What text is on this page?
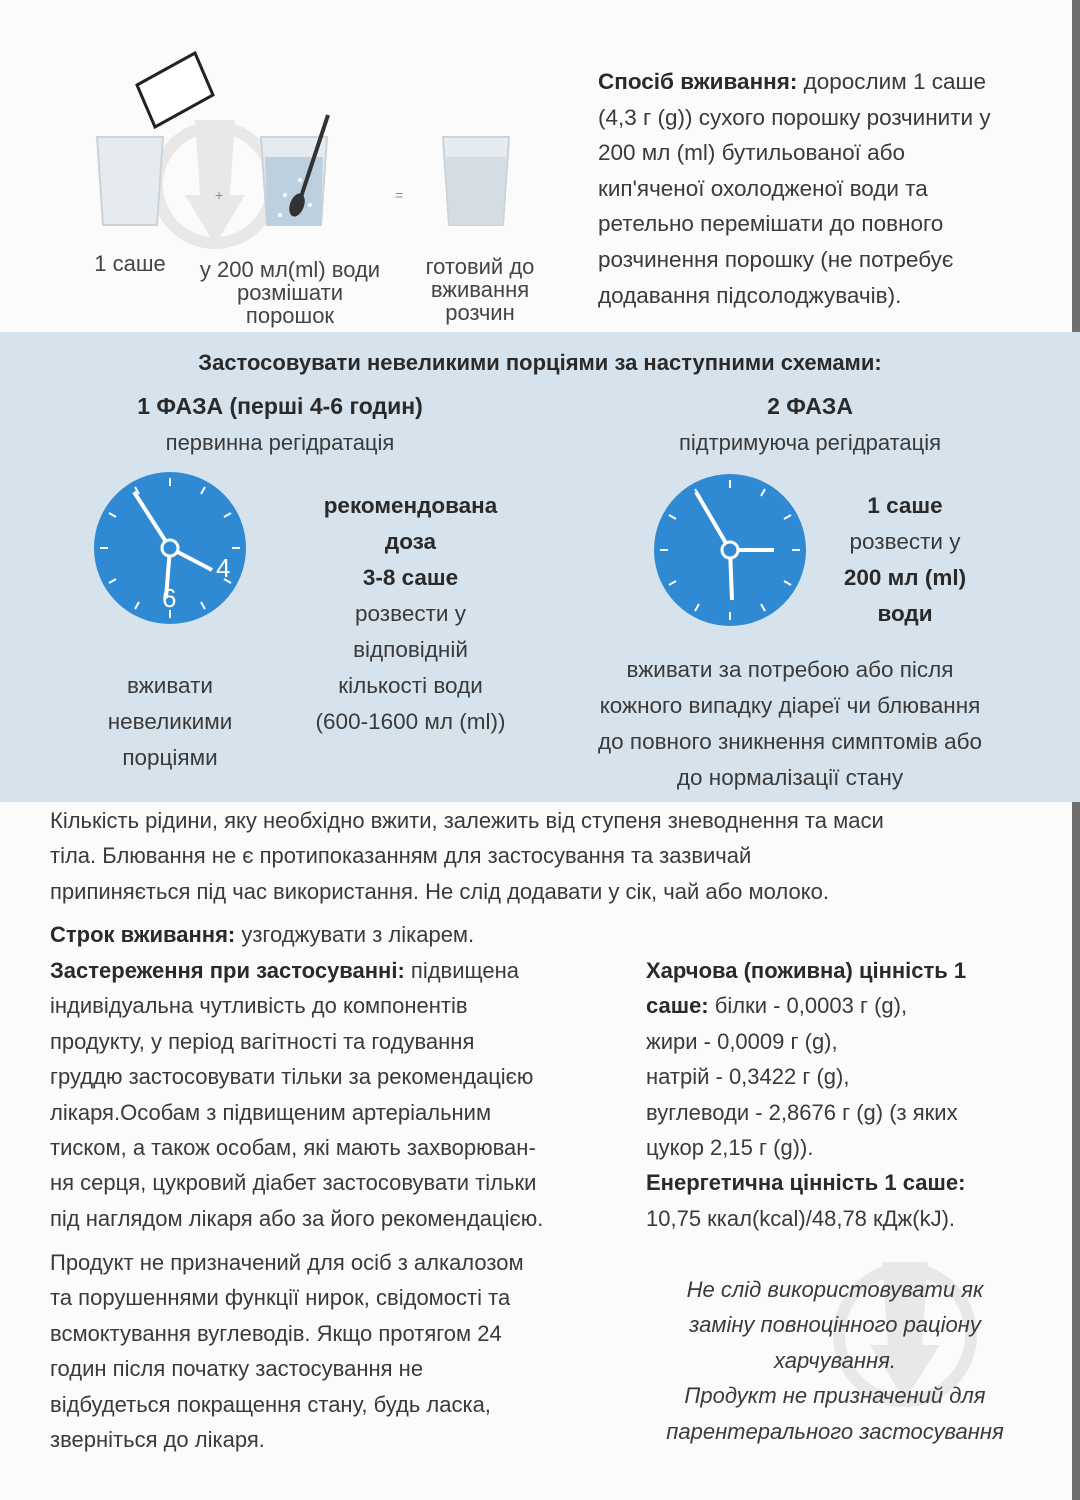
+	=
1 саше	у 200 мл(ml) води
розмішати
порошок
готовий до
вживання
розчин
Спосіб вживання: дорослим 1 саше
(4,3 г (g)) сухого порошку розчинити у
200 мл (ml) бутильованої або
кип'яченої охолодженої води та
ретельно перемішати до повного
розчинення порошку (не потребує
додавання підсолоджувачів).
Застосовувати невеликими порціями за наступними схемами:
1 ФАЗА (перші 4-6 годин)
первинна регідратація
2 ФАЗА
підтримуюча регідратація
4
6
рекомендована
доза
3-8 саше
розвести у
відповідній
кількості води
(600-1600 мл (ml))
вживати
невеликими
порціями
1 саше
розвести у
200 мл (ml)
води
вживати за потребою або після
кожного випадку діареї чи блювання
до повного зникнення симптомів або
до нормалізації стану
Кількість рідини, яку необхідно вжити, залежить від ступеня зневоднення та маси
тіла. Блювання не є протипоказанням для застосування та зазвичай
припиняється під час використання. Не слід додавати у сік, чай або молоко.
Строк вживання: узгоджувати з лікарем.
Застереження при застосуванні: підвищена
індивідуальна чутливість до компонентів
продукту, у період вагітності та годування
груддю застосовувати тільки за рекомендацією
лікаря.Особам з підвищеним артеріальним
тиском, а також особам, які мають захворюван-
ня серця, цукровий діабет застосовувати тільки
під наглядом лікаря або за його рекомендацією.
Продукт не призначений для осіб з алкалозом
та порушеннями функції нирок, свідомості та
всмоктування вуглеводів. Якщо протягом 24
годин після початку застосування не
відбудеться покращення стану, будь ласка,
зверніться до лікаря.
Харчова (поживна) цінність 1
саше: білки - 0,0003 г (g),
жири - 0,0009 г (g),
натрій - 0,3422 г (g),
вуглеводи - 2,8676 г (g) (з яких
цукор 2,15 г (g)).
Енергетична цінність 1 саше:
10,75 ккал(kcal)/48,78 кДж(kJ).
Не слід використовувати як
заміну повноцінного раціону
харчування.
Продукт не призначений для
парентерального застосування
